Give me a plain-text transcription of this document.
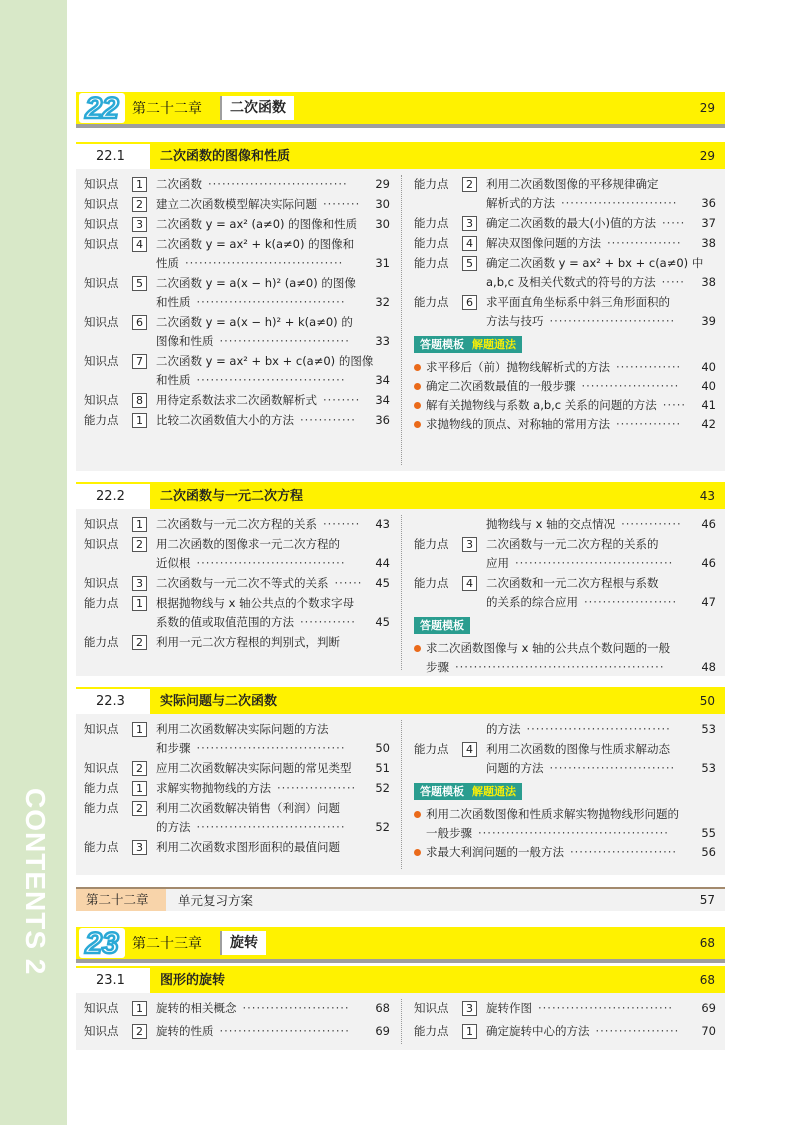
CONTENTS 2
22 第二十二章	二次函数	29
22.1	二次函数的图像和性质	29
知识点	1	二次函数	29
······························
知识点	2	建立二次函数模型解决实际问题	30
········
知识点	3	二次函数 y = ax² (a≠0) 的图像和性质 30
知识点	4	二次函数 y = ax² + k(a≠0) 的图像和
性质	31
··································
知识点	5	二次函数 y = a(x − h)² (a≠0) 的图像
和性质	32
································
知识点	6	二次函数 y = a(x − h)² + k(a≠0) 的
图像和性质	33
····························
知识点	7	二次函数 y = ax² + bx + c(a≠0) 的图像
和性质	34
································
知识点	8	用待定系数法求二次函数解析式	34
········
能力点	1	比较二次函数值大小的方法	36
············
能力点	2	利用二次函数图像的平移规律确定
解析式的方法	36
·························
能力点	3	确定二次函数的最大(小)值的方法	37
·····
能力点	4	解决双图像问题的方法	38
················
能力点	5	确定二次函数 y = ax² + bx + c(a≠0) 中
a,b,c 及相关代数式的符号的方法	38
·····
能力点	6	求平面直角坐标系中斜三角形面积的
方法与技巧	39
···························
答题模板 解题通法
求平移后（前）抛物线解析式的方法	40
··············
确定二次函数最值的一般步骤	40
·····················
解有关抛物线与系数 a,b,c 关系的问题的方法	41
·····
求抛物线的顶点、对称轴的常用方法	42
··············
22.2	二次函数与一元二次方程	43
知识点	1	二次函数与一元二次方程的关系	43
········
知识点	2	用二次函数的图像求一元二次方程的
近似根	44
································
知识点	3	二次函数与一元二次不等式的关系	45
······
能力点	1	根据抛物线与 x 轴公共点的个数求字母
系数的值或取值范围的方法	45
············
能力点	2	利用一元二次方程根的判别式，判断
抛物线与 x 轴的交点情况	46
·············
能力点	3	二次函数与一元二次方程的关系的
应用	46
··································
能力点	4	二次函数和一元二次方程根与系数
的关系的综合应用	47
····················
答题模板
求二次函数图像与 x 轴的公共点个数问题的一般
步骤	48
·············································
22.3	实际问题与二次函数	50
知识点	1	利用二次函数解决实际问题的方法
和步骤	50
································
知识点	2	应用二次函数解决实际问题的常见类型 51
能力点	1	求解实物抛物线的方法	52
·················
能力点	2	利用二次函数解决销售（利润）问题
的方法	52
································
能力点	3	利用二次函数求图形面积的最值问题
的方法	53
·······························
能力点	4	利用二次函数的图像与性质求解动态
问题的方法	53
···························
答题模板 解题通法
利用二次函数图像和性质求解实物抛物线形问题的
一般步骤	55
·········································
求最大利润问题的一般方法	56
·······················
第二十二章	单元复习方案	57
23 第二十三章	旋转	68
23.1	图形的旋转	68
知识点	1	旋转的相关概念	68
·······················
知识点	2	旋转的性质	69
····························
知识点	3	旋转作图	69
·····························
能力点	1	确定旋转中心的方法	70
··················
